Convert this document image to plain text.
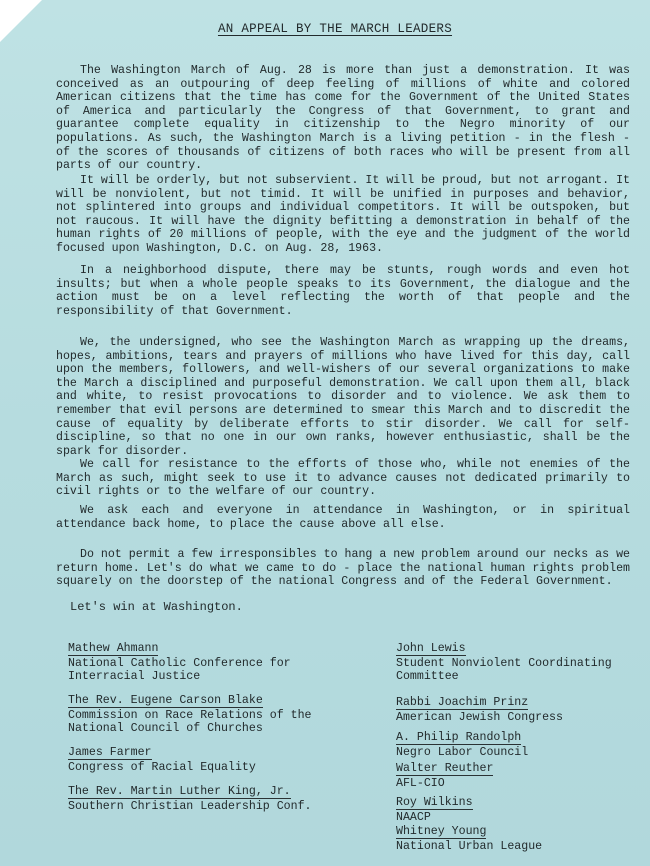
AN APPEAL BY THE MARCH LEADERS
The Washington March of Aug. 28 is more than just a demonstration. It was conceived as an outpouring of deep feeling of millions of white and colored American citizens that the time has come for the Government of the United States of America and particularly the Congress of that Government, to grant and guarantee complete equality in citizenship to the Negro minority of our populations. As such, the Washington March is a living petition - in the flesh - of the scores of thousands of citizens of both races who will be present from all parts of our country.
It will be orderly, but not subservient. It will be proud, but not arrogant. It will be nonviolent, but not timid. It will be unified in purposes and behavior, not splintered into groups and individual competitors. It will be outspoken, but not raucous. It will have the dignity befitting a demonstration in behalf of the human rights of 20 millions of people, with the eye and the judgment of the world focused upon Washington, D.C. on Aug. 28, 1963.
In a neighborhood dispute, there may be stunts, rough words and even hot insults; but when a whole people speaks to its Government, the dialogue and the action must be on a level reflecting the worth of that people and the responsibility of that Government.
We, the undersigned, who see the Washington March as wrapping up the dreams, hopes, ambitions, tears and prayers of millions who have lived for this day, call upon the members, followers, and well-wishers of our several organizations to make the March a disciplined and purposeful demonstration. We call upon them all, black and white, to resist provocations to disorder and to violence. We ask them to remember that evil persons are determined to smear this March and to discredit the cause of equality by deliberate efforts to stir disorder. We call for self-discipline, so that no one in our own ranks, however enthusiastic, shall be the spark for disorder.
We call for resistance to the efforts of those who, while not enemies of the March as such, might seek to use it to advance causes not dedicated primarily to civil rights or to the welfare of our country.
We ask each and everyone in attendance in Washington, or in spiritual attendance back home, to place the cause above all else.
Do not permit a few irresponsibles to hang a new problem around our necks as we return home. Let's do what we came to do - place the national human rights problem squarely on the doorstep of the national Congress and of the Federal Government.
Let's win at Washington.
Mathew Ahmann
National Catholic Conference for
Interracial Justice
The Rev. Eugene Carson Blake
Commission on Race Relations of the
National Council of Churches
James Farmer
Congress of Racial Equality
The Rev. Martin Luther King, Jr.
Southern Christian Leadership Conf.
John Lewis
Student Nonviolent Coordinating
Committee
Rabbi Joachim Prinz
American Jewish Congress
A. Philip Randolph
Negro Labor Council
Walter Reuther
AFL-CIO
Roy Wilkins
NAACP
Whitney Young
National Urban League
